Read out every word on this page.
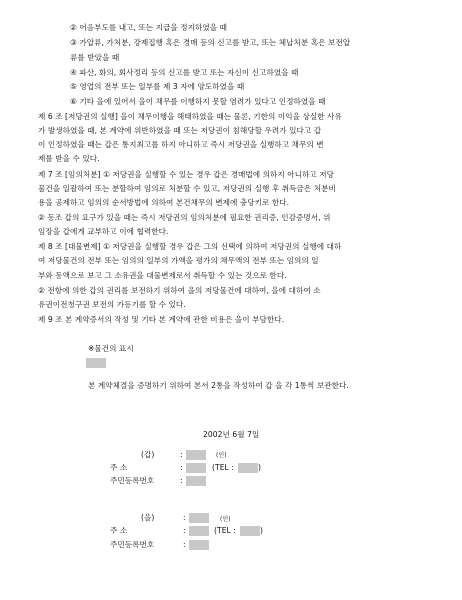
② 어음부도를 내고, 또는 지급을 정지하였을 때
③ 가압류, 가처분, 강제집행 혹은 경매 등의 신고를 받고, 또는 체납처분 혹은 보전압
류를 받았을 때
④ 파산, 화의, 회사정리 등의 신고를 받고 또는 자신이 신고하였을 때
⑤ 영업의 전부 또는 일부를 제 3 자에 양도하였을 때
⑥ 기타 을에 있어서 을이 채무를 이행하지 못할 염려가 있다고 인정하였을 때
제 6 조 [저당권의 실행] 을이 채무이행을 해태하였을 때는 물론, 기한의 이익을 상실한 사유
가 발생하였을 때, 본 계약에 위반하였을 때 또는 저당권이 침해당할 우려가 있다고 갑
이 인정하였을 때는 갑은 통지최고를 하지 아니하고 즉시 저당권을 실행하고 채무의 변
제를 받을 수 있다.
제 7 조 [임의처분] ① 저당권을 실행할 수 있는 경우 갑은 경매법에 의하지 아니하고 저당
물건을 일괄하여 또는 분할하여 임의로 처분할 수 있고, 저당권의 실행 후 취득금은 처분비
용을 공제하고 임의의 순서방법에 의하여 본건채무의 변제에 충당키로 한다.
② 동조 갑의 요구가 있을 때는 즉시 저당권의 임의처분에 필요한 권리증, 인감증명서, 위
임장을 갑에게 교부하고 이에 협력한다.
제 8 조 [대물변제] ① 저당권을 실행할 경우 갑은 그의 선택에 의하여 저당권의 실행에 대하
여 저당물건의 전부 또는 임의의 일부의 가액을 평가의 채무액의 전부 또는 임의의 일
부와 동액으로 보고 그 소유권을 대물변제로서 취득할 수 있는 것으로 한다.
② 전항에 의한 갑의 권리를 보전하기 위하여 을의 저당물건에 대하여, 을에 대하여 소
유권이전청구권 보전의 가등기를 할 수 있다.
제 9 조 본 계약증서의 작성 및 기타 본 계약에 관한 비용은 을이 부담한다.
※물건의 표시
본 계약체결을 증명하기 위하여 본서 2통을 작성하여 갑 을 각 1통씩 보관한다.
2002년 6월 7일
(갑)	:	(인)
주 소	:	(TEL :	)
주민등록번호	:
(을)	:	(인)
주 소	:	(TEL :	)
주민등록번호	:
